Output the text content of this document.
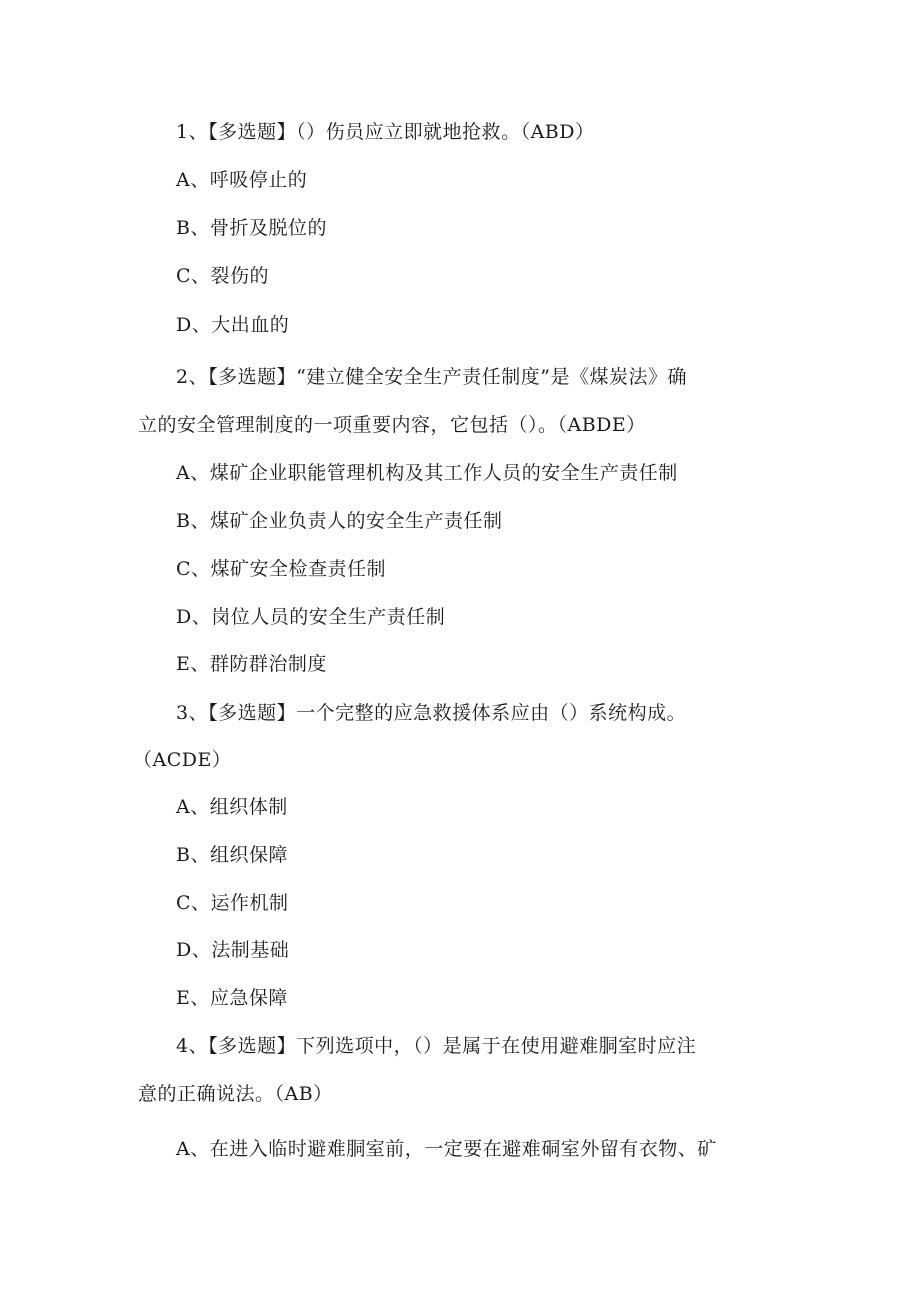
1、【多选题】（）伤员应立即就地抢救。（ABD）
A、呼吸停止的
B、骨折及脱位的
C、裂伤的
D、大出血的
2、【多选题】“建立健全安全生产责任制度”是《煤炭法》确
立的安全管理制度的一项重要内容，它包括（）。（ABDE）
A、煤矿企业职能管理机构及其工作人员的安全生产责任制
B、煤矿企业负责人的安全生产责任制
C、煤矿安全检查责任制
D、岗位人员的安全生产责任制
E、群防群治制度
3、【多选题】一个完整的应急救援体系应由（）系统构成。
（ACDE）
A、组织体制
B、组织保障
C、运作机制
D、法制基础
E、应急保障
4、【多选题】下列选项中，（）是属于在使用避难胴室时应注
意的正确说法。（AB）
A、在进入临时避难胴室前，一定要在避难硐室外留有衣物、矿
